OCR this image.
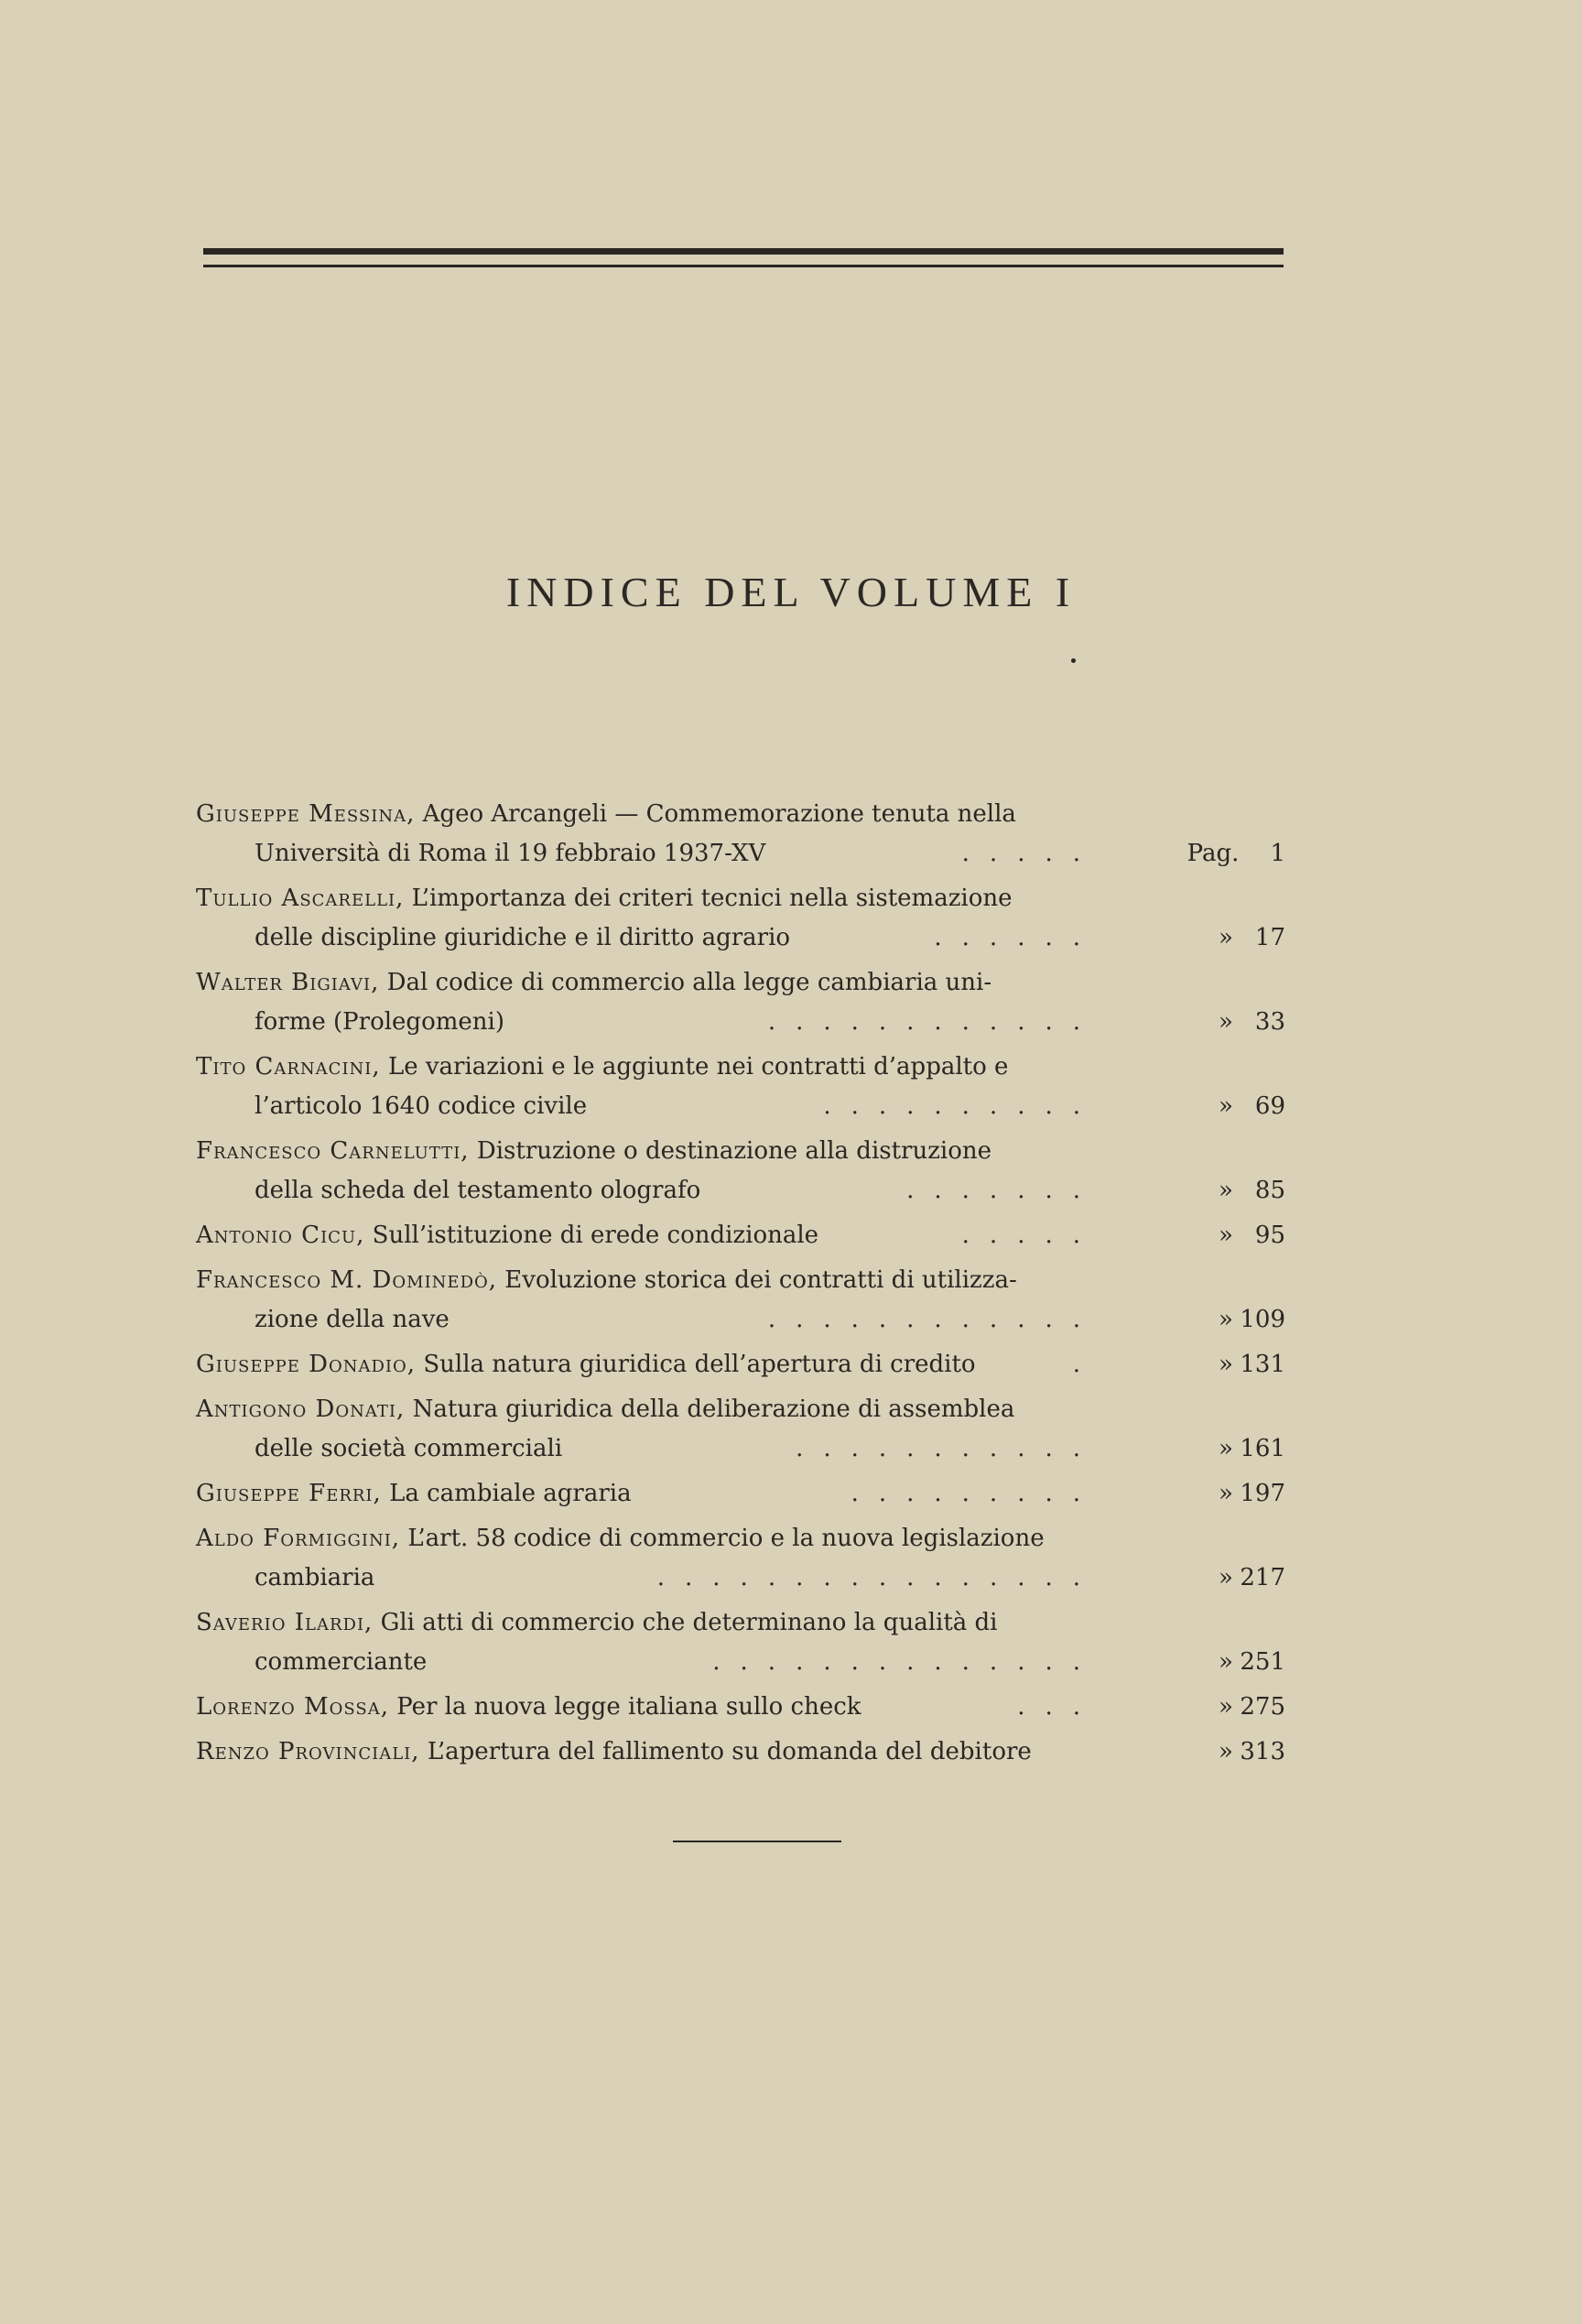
INDICE DEL VOLUME I
Giuseppe Messina, Ageo Arcangeli — Commemorazione tenuta nella
Università di Roma il 19 febbraio 1937-XV	.....	Pag.	1
Tullio Ascarelli, L’importanza dei criteri tecnici nella sistemazione
delle discipline giuridiche e il diritto agrario	......	» 17
Walter Bigiavi, Dal codice di commercio alla legge cambiaria uni-
forme (Prolegomeni)	............	» 33
Tito Carnacini, Le variazioni e le aggiunte nei contratti d’appalto e
l’articolo 1640 codice civile	..........	» 69
Francesco Carnelutti, Distruzione o destinazione alla distruzione
della scheda del testamento olografo	.......	» 85
Antonio Cicu, Sull’istituzione di erede condizionale	.....	» 95
Francesco M. Dominedò, Evoluzione storica dei contratti di utilizza-
zione della nave	............	» 109
Giuseppe Donadio, Sulla natura giuridica dell’apertura di credito	.	» 131
Antigono Donati, Natura giuridica della deliberazione di assemblea
delle società commerciali	...........	» 161
Giuseppe Ferri, La cambiale agraria	.........	» 197
Aldo Formiggini, L’art. 58 codice di commercio e la nuova legislazione
cambiaria	................	» 217
Saverio Ilardi, Gli atti di commercio che determinano la qualità di
commerciante	..............	» 251
Lorenzo Mossa, Per la nuova legge italiana sullo check	...	» 275
Renzo Provinciali, L’apertura del fallimento su domanda del debitore	» 313
